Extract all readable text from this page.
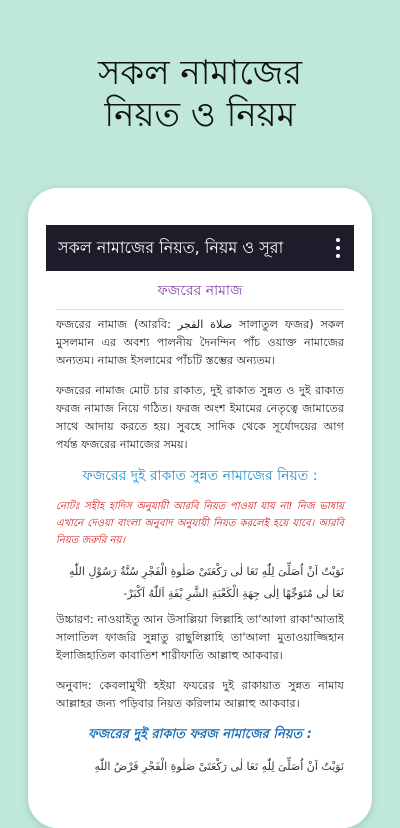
সকল নামাজের
নিয়ত ও নিয়ম
সকল নামাজের নিয়ত, নিয়ম ও সূরা
ফজরের নামাজ
ফজরের নামাজ (আরবি: صلاة الفجر সালাতুল ফজর) সকল মুসলমান এর অবশ্য পালনীয় দৈনন্দিন পাঁচ ওয়াক্ত নামাজের অন্যতম। নামাজ ইসলামের পাঁচটি স্তম্ভের অন্যতম।
ফজরের নামাজ মোট চার রাকাত, দুই রাকাত সুন্নত ও দুই রাকাত ফরজ নামাজ নিয়ে গঠিত। ফরজ অংশ ইমামের নেতৃত্বে জামাতের সাথে আদায় করতে হয়। সুবহে সাদিক থেকে সূর্যোদয়ের আগ পর্যন্ত ফজরের নামাজের সময়।
ফজরের দুই রাকাত সুন্নত নামাজের নিয়ত :
নোটঃ সহীহ হাদিস অনুযায়ী আরবি নিয়ত পাওয়া যায় না! নিজ ভাষায় এখানে দেওয়া বাংলা অনুবাদ অনুযায়ী নিয়ত করলেই হয়ে যাবে। আরবি নিয়ত জরুরি নয়।
نَوَيْتُ اَنْ اُصَلِّىَ لِلّٰهِ تَعَا لٰى رَكْعَتَىْ صَلٰوةِ الْفَجْرِ سُنَّةُ رَسُوْلِ اللّٰهِ تَعَا لٰى مُتَوَجِّهًا اِلٰى جِهَةِ الْكَعْبَةِ الشَّرِ يْفَةِ اَللّٰهُ اَكْبَرْ-
উচ্চারণ: নাওয়াইতু আন উসাল্লিয়া লিল্লাহি তা'আলা রাকা'আতাই সালাতিল ফাজরি সুন্নাতু রাছুলিল্লাহি তা'আলা মুতাওয়াজ্জিহান ইলাজিহাতিল কাবাতিশ শারীফাতি আল্লাহু আকবার।
অনুবাদ: কেবলামুখী হইয়া ফযরের দুই রাকায়াত সুন্নত নামায আল্লাহর জন্য পড়িবার নিয়ত করিলাম আল্লাহু আকবার।
ফজরের দুই রাকাত ফরজ নামাজের নিয়ত :
نَوَيْتُ اَنْ اُصَلِّىَ لِلّٰهِ تَعَا لٰى رَكْعَتَىْ صَلٰوةِ الْفَجْرِ فَرْضُ اللّٰهِ
